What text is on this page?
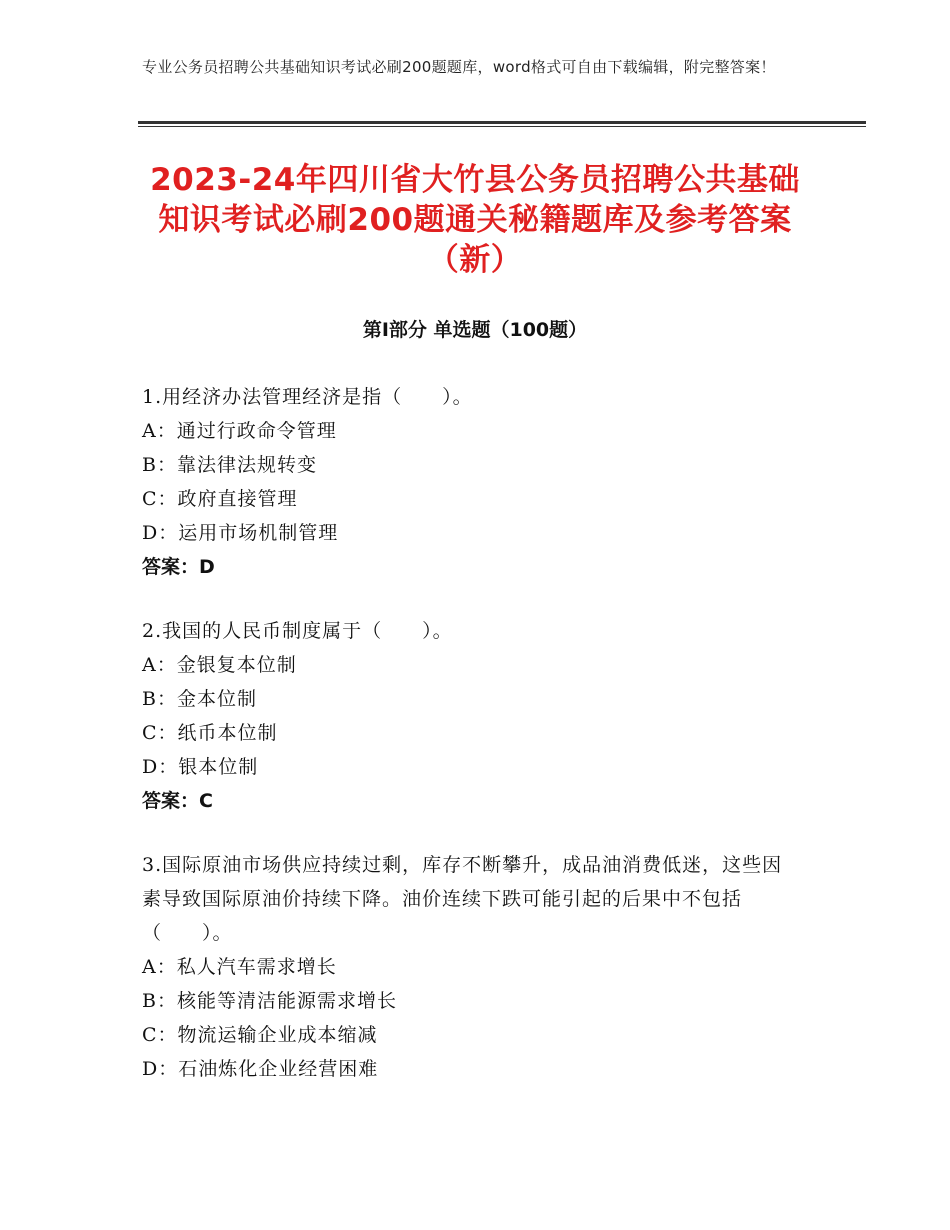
专业公务员招聘公共基础知识考试必刷200题题库，word格式可自由下载编辑，附完整答案！
2023-24年四川省大竹县公务员招聘公共基础知识考试必刷200题通关秘籍题库及参考答案（新）
第Ⅰ部分 单选题（100题）
1.用经济办法管理经济是指（　　）。
A：通过行政命令管理
B：靠法律法规转变
C：政府直接管理
D：运用市场机制管理
答案：D
2.我国的人民币制度属于（　　）。
A：金银复本位制
B：金本位制
C：纸币本位制
D：银本位制
答案：C
3.国际原油市场供应持续过剩，库存不断攀升，成品油消费低迷，这些因素导致国际原油价持续下降。油价连续下跌可能引起的后果中不包括（　　）。
A：私人汽车需求增长
B：核能等清洁能源需求增长
C：物流运输企业成本缩减
D：石油炼化企业经营困难
